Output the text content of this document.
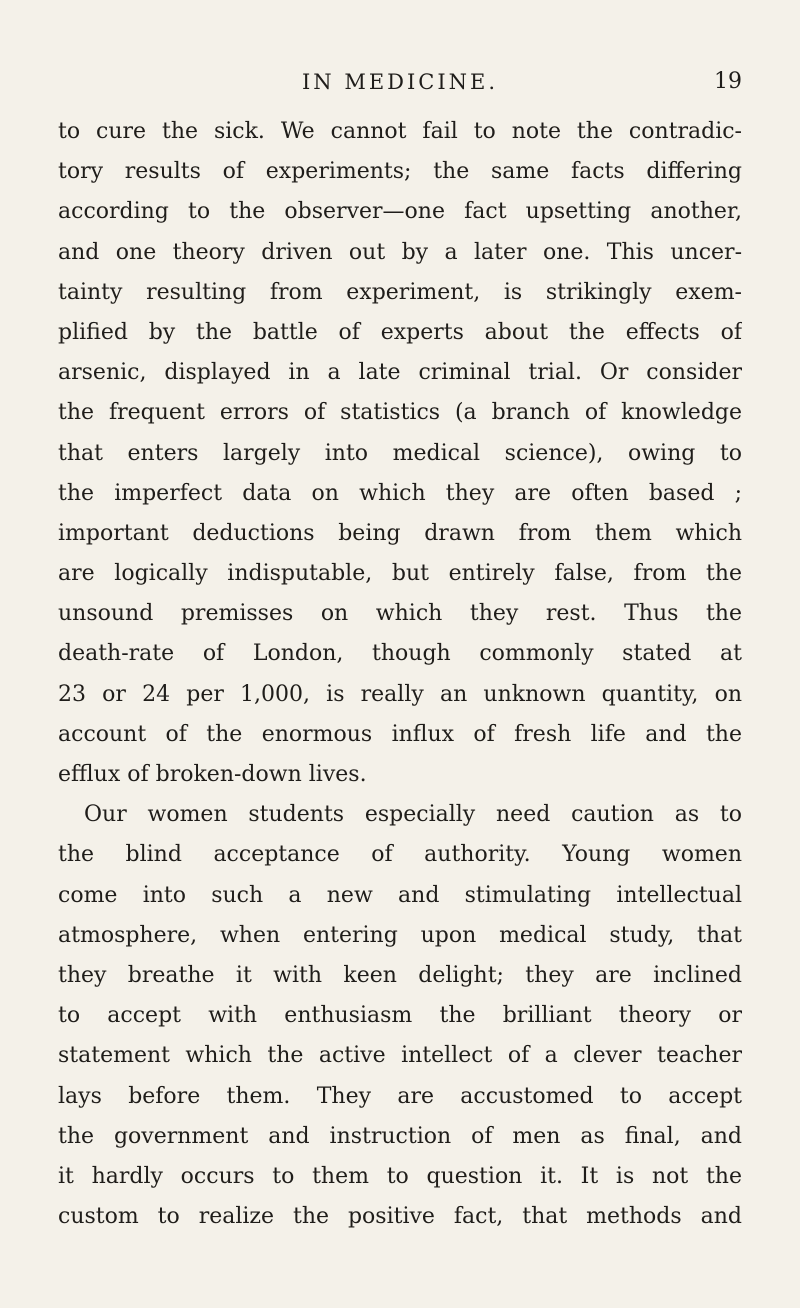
IN MEDICINE.	19
to cure the sick. We cannot fail to note the contradic-
tory results of experiments; the same facts differing
according to the observer—one fact upsetting another,
and one theory driven out by a later one. This uncer-
tainty resulting from experiment, is strikingly exem-
plified by the battle of experts about the effects of
arsenic, displayed in a late criminal trial. Or consider
the frequent errors of statistics (a branch of knowledge
that enters largely into medical science), owing to
the imperfect data on which they are often based ;
important deductions being drawn from them which
are logically indisputable, but entirely false, from the
unsound premisses on which they rest. Thus the
death-rate of London, though commonly stated at
23 or 24 per 1,000, is really an unknown quantity, on
account of the enormous influx of fresh life and the
efflux of broken-down lives.
Our women students especially need caution as to
the blind acceptance of authority. Young women
come into such a new and stimulating intellectual
atmosphere, when entering upon medical study, that
they breathe it with keen delight; they are inclined
to accept with enthusiasm the brilliant theory or
statement which the active intellect of a clever teacher
lays before them. They are accustomed to accept
the government and instruction of men as final, and
it hardly occurs to them to question it. It is not the
custom to realize the positive fact, that methods and
